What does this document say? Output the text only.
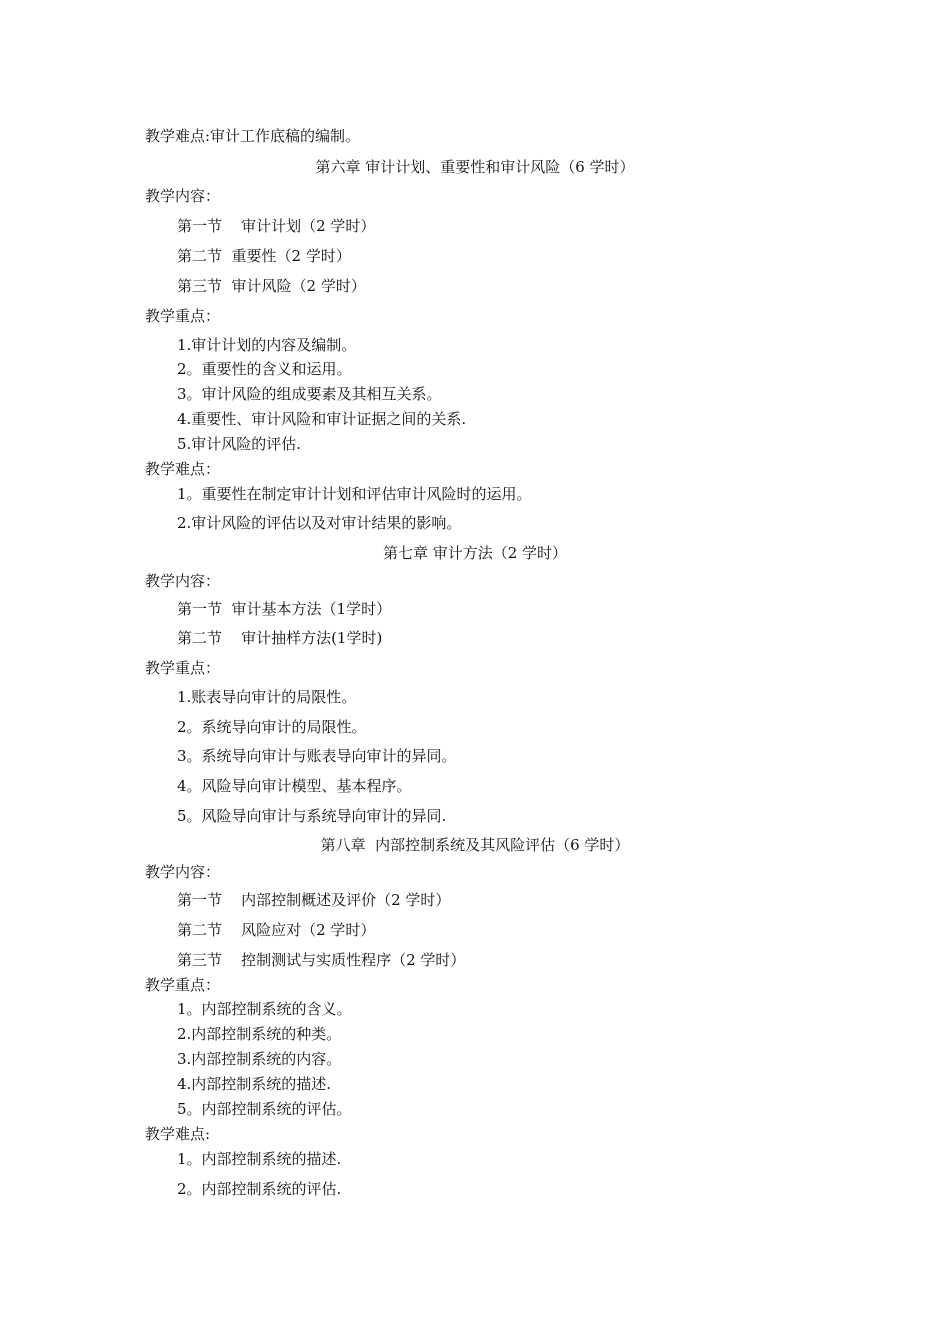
教学难点:审计工作底稿的编制。
第六章 审计计划、重要性和审计风险（6 学时）
教学内容：
第一节    审计计划（2 学时）
第二节  重要性（2 学时）
第三节  审计风险（2 学时）
教学重点：
1.审计计划的内容及编制。
2。重要性的含义和运用。
3。审计风险的组成要素及其相互关系。
4.重要性、审计风险和审计证据之间的关系.
5.审计风险的评估.
教学难点：
1。重要性在制定审计计划和评估审计风险时的运用。
2.审计风险的评估以及对审计结果的影响。
第七章 审计方法（2 学时）
教学内容：
第一节  审计基本方法（1学时）
第二节    审计抽样方法(1学时)
教学重点：
1.账表导向审计的局限性。
2。系统导向审计的局限性。
3。系统导向审计与账表导向审计的异同。
4。风险导向审计模型、基本程序。
5。风险导向审计与系统导向审计的异同.
第八章  内部控制系统及其风险评估（6 学时）
教学内容：
第一节    内部控制概述及评价（2 学时）
第二节    风险应对（2 学时）
第三节    控制测试与实质性程序（2 学时）
教学重点：
1。内部控制系统的含义。
2.内部控制系统的种类。
3.内部控制系统的内容。
4.内部控制系统的描述.
5。内部控制系统的评估。
教学难点:
1。内部控制系统的描述.
2。内部控制系统的评估.
